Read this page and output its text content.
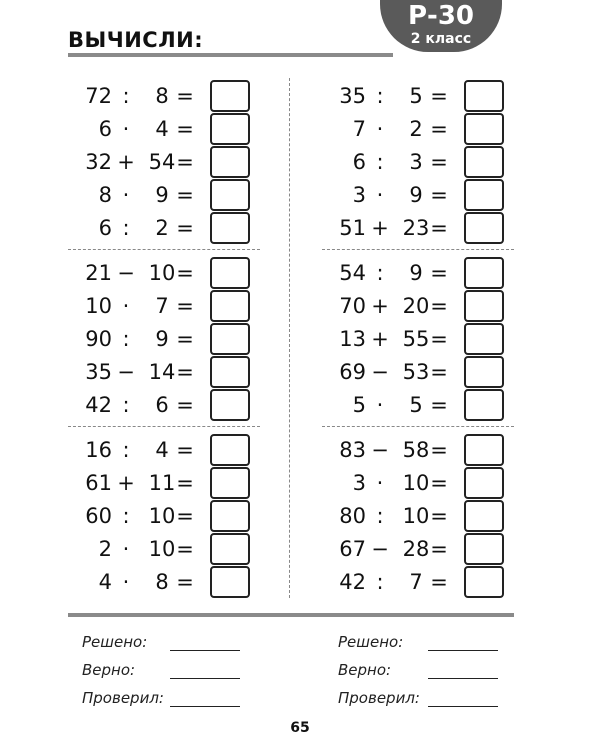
ВЫЧИСЛИ:
Р-30
2 класс
72 :	8 =
6 ·	4 =
32 + 54 =
8 ·	9 =
6 :	2 =
21 − 10 =
10 ·	7 =
90 :	9 =
35 − 14 =
42 :	6 =
16 :	4 =
61 + 11 =
60 : 10 =
2 · 10 =
4 ·	8 =
35 :	5 =
7 ·	2 =
6 :	3 =
3 ·	9 =
51 + 23 =
54 :	9 =
70 + 20 =
13 + 55 =
69 − 53 =
5 ·	5 =
83 − 58 =
3 · 10 =
80 : 10 =
67 − 28 =
42 :	7 =
Решено:
Верно:
Проверил:
Решено:
Верно:
Проверил:
65
